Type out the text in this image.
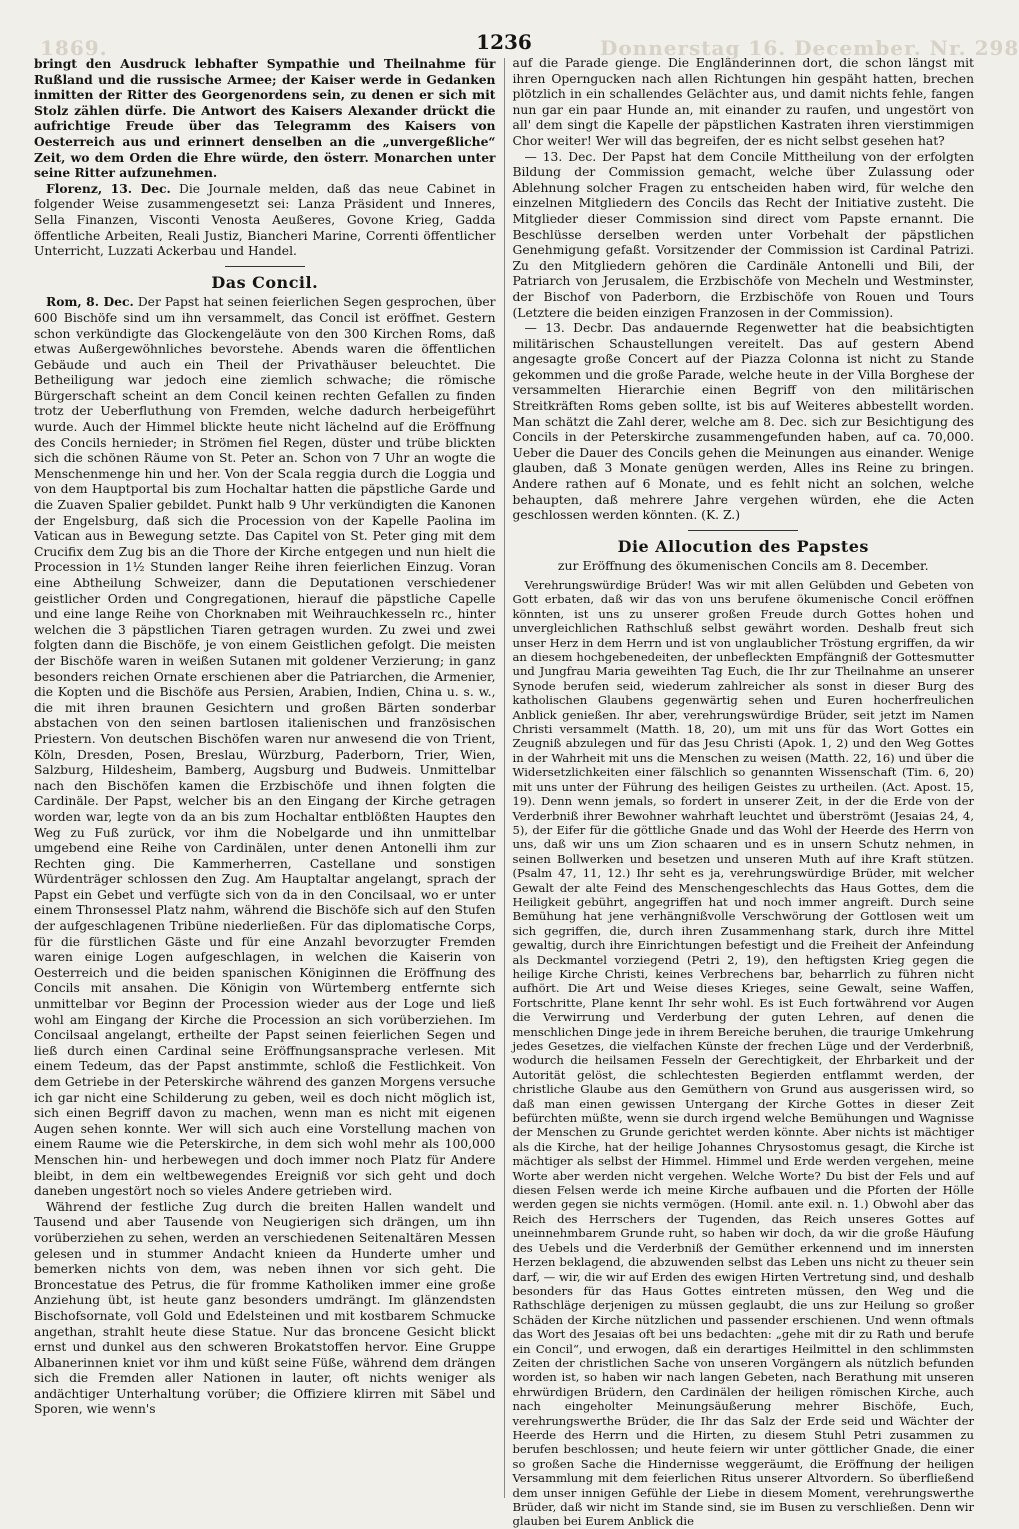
1869.	Donnerstag 16. December. Nr. 298
1236

bringt den Ausdruck lebhafter Sympathie und Theilnahme für Rußland und die russische Armee; der Kaiser werde in Gedanken inmitten der Ritter des Georgenordens sein, zu denen er sich mit Stolz zählen dürfe. Die Antwort des Kaisers Alexander drückt die aufrichtige Freude über das Telegramm des Kaisers von Oesterreich aus und erinnert denselben an die „unvergeßliche“ Zeit, wo dem Orden die Ehre würde, den österr. Monarchen unter seine Ritter aufzunehmen.

Florenz, 13. Dec. Die Journale melden, daß das neue Cabinet in folgender Weise zusammengesetzt sei: Lanza Präsident und Inneres, Sella Finanzen, Visconti Venosta Aeußeres, Govone Krieg, Gadda öffentliche Arbeiten, Reali Justiz, Biancheri Marine, Correnti öffentlicher Unterricht, Luzzati Ackerbau und Handel.

Das Concil.

Rom, 8. Dec. Der Papst hat seinen feierlichen Segen gesprochen, über 600 Bischöfe sind um ihn versammelt, das Concil ist eröffnet. Gestern schon verkündigte das Glockengeläute von den 300 Kirchen Roms, daß etwas Außergewöhnliches bevorstehe. Abends waren die öffentlichen Gebäude und auch ein Theil der Privathäuser beleuchtet. Die Betheiligung war jedoch eine ziemlich schwache; die römische Bürgerschaft scheint an dem Concil keinen rechten Gefallen zu finden trotz der Ueberfluthung von Fremden, welche dadurch herbeigeführt wurde. Auch der Himmel blickte heute nicht lächelnd auf die Eröffnung des Concils hernieder; in Strömen fiel Regen, düster und trübe blickten sich die schönen Räume von St. Peter an. Schon von 7 Uhr an wogte die Menschenmenge hin und her. Von der Scala reggia durch die Loggia und von dem Hauptportal bis zum Hochaltar hatten die päpstliche Garde und die Zuaven Spalier gebildet. Punkt halb 9 Uhr verkündigten die Kanonen der Engelsburg, daß sich die Procession von der Kapelle Paolina im Vatican aus in Bewegung setzte. Das Capitel von St. Peter ging mit dem Crucifix dem Zug bis an die Thore der Kirche entgegen und nun hielt die Procession in 1½ Stunden langer Reihe ihren feierlichen Einzug. Voran eine Abtheilung Schweizer, dann die Deputationen verschiedener geistlicher Orden und Congregationen, hierauf die päpstliche Capelle und eine lange Reihe von Chorknaben mit Weihrauchkesseln rc., hinter welchen die 3 päpstlichen Tiaren getragen wurden. Zu zwei und zwei folgten dann die Bischöfe, je von einem Geistlichen gefolgt. Die meisten der Bischöfe waren in weißen Sutanen mit goldener Verzierung; in ganz besonders reichen Ornate erschienen aber die Patriarchen, die Armenier, die Kopten und die Bischöfe aus Persien, Arabien, Indien, China u. s. w., die mit ihren braunen Gesichtern und großen Bärten sonderbar abstachen von den seinen bartlosen italienischen und französischen Priestern. Von deutschen Bischöfen waren nur anwesend die von Trient, Köln, Dresden, Posen, Breslau, Würzburg, Paderborn, Trier, Wien, Salzburg, Hildesheim, Bamberg, Augsburg und Budweis. Unmittelbar nach den Bischöfen kamen die Erzbischöfe und ihnen folgten die Cardinäle. Der Papst, welcher bis an den Eingang der Kirche getragen worden war, legte von da an bis zum Hochaltar entblößten Hauptes den Weg zu Fuß zurück, vor ihm die Nobelgarde und ihn unmittelbar umgebend eine Reihe von Cardinälen, unter denen Antonelli ihm zur Rechten ging. Die Kammerherren, Castellane und sonstigen Würdenträger schlossen den Zug. Am Hauptaltar angelangt, sprach der Papst ein Gebet und verfügte sich von da in den Concilsaal, wo er unter einem Thronsessel Platz nahm, während die Bischöfe sich auf den Stufen der aufgeschlagenen Tribüne niederließen. Für das diplomatische Corps, für die fürstlichen Gäste und für eine Anzahl bevorzugter Fremden waren einige Logen aufgeschlagen, in welchen die Kaiserin von Oesterreich und die beiden spanischen Königinnen die Eröffnung des Concils mit ansahen. Die Königin von Würtemberg entfernte sich unmittelbar vor Beginn der Procession wieder aus der Loge und ließ wohl am Eingang der Kirche die Procession an sich vorüberziehen. Im Concilsaal angelangt, ertheilte der Papst seinen feierlichen Segen und ließ durch einen Cardinal seine Eröffnungsansprache verlesen. Mit einem Tedeum, das der Papst anstimmte, schloß die Festlichkeit. Von dem Getriebe in der Peterskirche während des ganzen Morgens versuche ich gar nicht eine Schilderung zu geben, weil es doch nicht möglich ist, sich einen Begriff davon zu machen, wenn man es nicht mit eigenen Augen sehen konnte. Wer will sich auch eine Vorstellung machen von einem Raume wie die Peterskirche, in dem sich wohl mehr als 100,000 Menschen hin- und herbewegen und doch immer noch Platz für Andere bleibt, in dem ein weltbewegendes Ereigniß vor sich geht und doch daneben ungestört noch so vieles Andere getrieben wird.

Während der festliche Zug durch die breiten Hallen wandelt und Tausend und aber Tausende von Neugierigen sich drängen, um ihn vorüberziehen zu sehen, werden an verschiedenen Seitenaltären Messen gelesen und in stummer Andacht knieen da Hunderte umher und bemerken nichts von dem, was neben ihnen vor sich geht. Die Broncestatue des Petrus, die für fromme Katholiken immer eine große Anziehung übt, ist heute ganz besonders umdrängt. Im glänzendsten Bischofsornate, voll Gold und Edelsteinen und mit kostbarem Schmucke angethan, strahlt heute diese Statue. Nur das broncene Gesicht blickt ernst und dunkel aus den schweren Brokatstoffen hervor. Eine Gruppe Albanerinnen kniet vor ihm und küßt seine Füße, während dem drängen sich die Fremden aller Nationen in lauter, oft nichts weniger als andächtiger Unterhaltung vorüber; die Offiziere klirren mit Säbel und Sporen, wie wenn's

auf die Parade gienge. Die Engländerinnen dort, die schon längst mit ihren Operngucken nach allen Richtungen hin gespäht hatten, brechen plötzlich in ein schallendes Gelächter aus, und damit nichts fehle, fangen nun gar ein paar Hunde an, mit einander zu raufen, und ungestört von all' dem singt die Kapelle der päpstlichen Kastraten ihren vierstimmigen Chor weiter! Wer will das begreifen, der es nicht selbst gesehen hat?

— 13. Dec. Der Papst hat dem Concile Mittheilung von der erfolgten Bildung der Commission gemacht, welche über Zulassung oder Ablehnung solcher Fragen zu entscheiden haben wird, für welche den einzelnen Mitgliedern des Concils das Recht der Initiative zusteht. Die Mitglieder dieser Commission sind direct vom Papste ernannt. Die Beschlüsse derselben werden unter Vorbehalt der päpstlichen Genehmigung gefaßt. Vorsitzender der Commission ist Cardinal Patrizi. Zu den Mitgliedern gehören die Cardinäle Antonelli und Bili, der Patriarch von Jerusalem, die Erzbischöfe von Mecheln und Westminster, der Bischof von Paderborn, die Erzbischöfe von Rouen und Tours (Letztere die beiden einzigen Franzosen in der Commission).

— 13. Decbr. Das andauernde Regenwetter hat die beabsichtigten militärischen Schaustellungen vereitelt. Das auf gestern Abend angesagte große Concert auf der Piazza Colonna ist nicht zu Stande gekommen und die große Parade, welche heute in der Villa Borghese der versammelten Hierarchie einen Begriff von den militärischen Streitkräften Roms geben sollte, ist bis auf Weiteres abbestellt worden. Man schätzt die Zahl derer, welche am 8. Dec. sich zur Besichtigung des Concils in der Peterskirche zusammengefunden haben, auf ca. 70,000. Ueber die Dauer des Concils gehen die Meinungen aus einander. Wenige glauben, daß 3 Monate genügen werden, Alles ins Reine zu bringen. Andere rathen auf 6 Monate, und es fehlt nicht an solchen, welche behaupten, daß mehrere Jahre vergehen würden, ehe die Acten geschlossen werden könnten. (K. Z.)

Die Allocution des Papstes
zur Eröffnung des ökumenischen Concils am 8. December.

Verehrungswürdige Brüder! Was wir mit allen Gelübden und Gebeten von Gott erbaten, daß wir das von uns berufene ökumenische Concil eröffnen könnten, ist uns zu unserer großen Freude durch Gottes hohen und unvergleichlichen Rathschluß selbst gewährt worden. Deshalb freut sich unser Herz in dem Herrn und ist von unglaublicher Tröstung ergriffen, da wir an diesem hochgebenedeiten, der unbefleckten Empfängniß der Gottesmutter und Jungfrau Maria geweihten Tag Euch, die Ihr zur Theilnahme an unserer Synode berufen seid, wiederum zahlreicher als sonst in dieser Burg des katholischen Glaubens gegenwärtig sehen und Euren hocherfreulichen Anblick genießen. Ihr aber, verehrungswürdige Brüder, seit jetzt im Namen Christi versammelt (Matth. 18, 20), um mit uns für das Wort Gottes ein Zeugniß abzulegen und für das Jesu Christi (Apok. 1, 2) und den Weg Gottes in der Wahrheit mit uns die Menschen zu weisen (Matth. 22, 16) und über die Widersetzlichkeiten einer fälschlich so genannten Wissenschaft (Tim. 6, 20) mit uns unter der Führung des heiligen Geistes zu urtheilen. (Act. Apost. 15, 19). Denn wenn jemals, so fordert in unserer Zeit, in der die Erde von der Verderbniß ihrer Bewohner wahrhaft leuchtet und überströmt (Jesaias 24, 4, 5), der Eifer für die göttliche Gnade und das Wohl der Heerde des Herrn von uns, daß wir uns um Zion schaaren und es in unsern Schutz nehmen, in seinen Bollwerken und besetzen und unseren Muth auf ihre Kraft stützen. (Psalm 47, 11, 12.) Ihr seht es ja, verehrungswürdige Brüder, mit welcher Gewalt der alte Feind des Menschengeschlechts das Haus Gottes, dem die Heiligkeit gebührt, angegriffen hat und noch immer angreift. Durch seine Bemühung hat jene verhängnißvolle Verschwörung der Gottlosen weit um sich gegriffen, die, durch ihren Zusammenhang stark, durch ihre Mittel gewaltig, durch ihre Einrichtungen befestigt und die Freiheit der Anfeindung als Deckmantel vorziegend (Petri 2, 19), den heftigsten Krieg gegen die heilige Kirche Christi, keines Verbrechens bar, beharrlich zu führen nicht aufhört. Die Art und Weise dieses Krieges, seine Gewalt, seine Waffen, Fortschritte, Plane kennt Ihr sehr wohl. Es ist Euch fortwährend vor Augen die Verwirrung und Verderbung der guten Lehren, auf denen die menschlichen Dinge jede in ihrem Bereiche beruhen, die traurige Umkehrung jedes Gesetzes, die vielfachen Künste der frechen Lüge und der Verderbniß, wodurch die heilsamen Fesseln der Gerechtigkeit, der Ehrbarkeit und der Autorität gelöst, die schlechtesten Begierden entflammt werden, der christliche Glaube aus den Gemüthern von Grund aus ausgerissen wird, so daß man einen gewissen Untergang der Kirche Gottes in dieser Zeit befürchten müßte, wenn sie durch irgend welche Bemühungen und Wagnisse der Menschen zu Grunde gerichtet werden könnte. Aber nichts ist mächtiger als die Kirche, hat der heilige Johannes Chrysostomus gesagt, die Kirche ist mächtiger als selbst der Himmel. Himmel und Erde werden vergehen, meine Worte aber werden nicht vergehen. Welche Worte? Du bist der Fels und auf diesen Felsen werde ich meine Kirche aufbauen und die Pforten der Hölle werden gegen sie nichts vermögen. (Homil. ante exil. n. 1.) Obwohl aber das Reich des Herrschers der Tugenden, das Reich unseres Gottes auf uneinnehmbarem Grunde ruht, so haben wir doch, da wir die große Häufung des Uebels und die Verderbniß der Gemüther erkennend und im innersten Herzen beklagend, die abzuwenden selbst das Leben uns nicht zu theuer sein darf, — wir, die wir auf Erden des ewigen Hirten Vertretung sind, und deshalb besonders für das Haus Gottes eintreten müssen, den Weg und die Rathschläge derjenigen zu müssen geglaubt, die uns zur Heilung so großer Schäden der Kirche nützlichen und passender erschienen. Und wenn oftmals das Wort des Jesaias oft bei uns bedachten: „gehe mit dir zu Rath und berufe ein Concil“, und erwogen, daß ein derartiges Heilmittel in den schlimmsten Zeiten der christlichen Sache von unseren Vorgängern als nützlich befunden worden ist, so haben wir nach langen Gebeten, nach Berathung mit unseren ehrwürdigen Brüdern, den Cardinälen der heiligen römischen Kirche, auch nach eingeholter Meinungsäußerung mehrer Bischöfe, Euch, verehrungswerthe Brüder, die Ihr das Salz der Erde seid und Wächter der Heerde des Herrn und die Hirten, zu diesem Stuhl Petri zusammen zu berufen beschlossen; und heute feiern wir unter göttlicher Gnade, die einer so großen Sache die Hindernisse weggeräumt, die Eröffnung der heiligen Versammlung mit dem feierlichen Ritus unserer Altvordern. So überfließend dem unser innigen Gefühle der Liebe in diesem Moment, verehrungswerthe Brüder, daß wir nicht im Stande sind, sie im Busen zu verschließen. Denn wir glauben bei Eurem Anblick die
